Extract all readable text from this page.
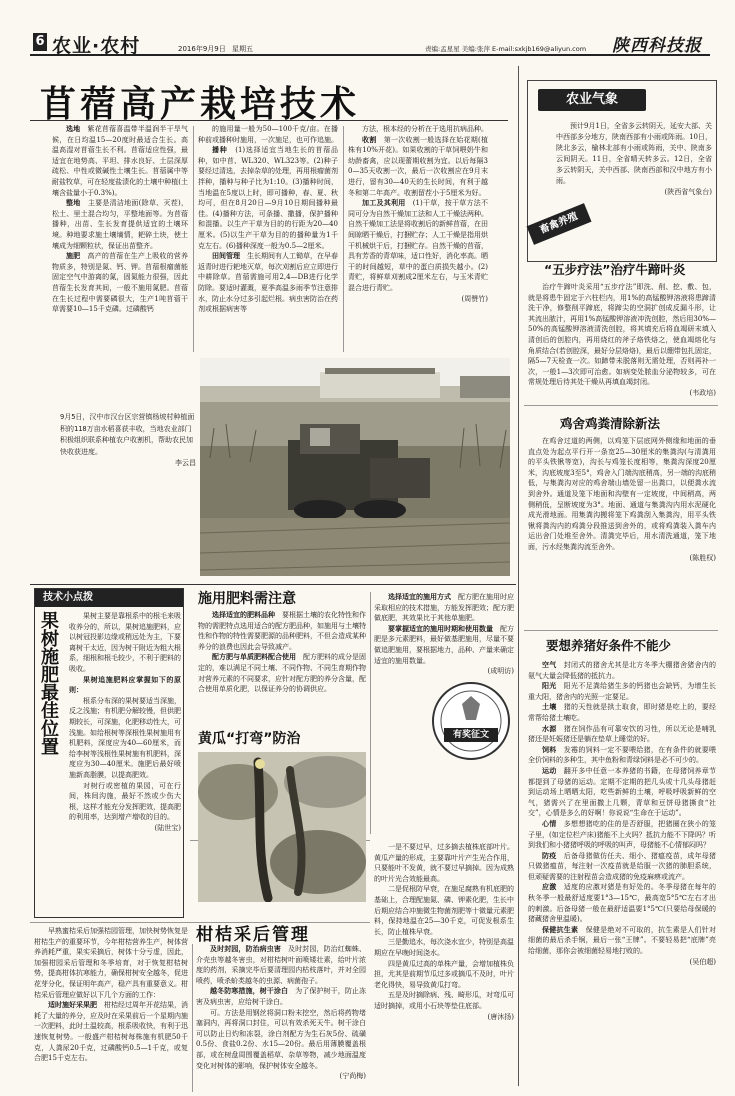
6 农业·农村	2016年9月9日 星期五	责编:孟星星 美编:张萍 E-mail:sxkjb169@aliyun.com 陕西科技报
苜蓿高产栽培技术

选地　紫花苜蓿喜温带半温润半干旱气候，在日均温15—20度时最适合生长。高温高湿对苜蓿生长不利。苜蓿适应性强，最适宜在地势高、平坦、排水良好、土层深厚疏松、中性或微碱性土壤生长。苜蓿属中等耐盐牧草，可在轻度盐渍化的土壤中种植(土壤含盐量小于0.3%)。

整地　主要是清洁地面(除草、灭茬)，松土、里土混合均匀，平整地面等。为苜蓿播种，出苗、生长发育提供适宜的土壤环境。种地要求施土壤墒情，耙碎土块，使土壤成为细颗粒状，保证出苗整齐。

施肥　高产的苜蓿在生产上吸收的营养物质多，特别是氮、钙、钾。苜蓿根瘤菌能固定空气中游离的氮，固氮能力很强，因此苜蓿生长发育其间，一般不施用氮肥。苜蓿在生长过程中需要磷很大，生产1吨苜蓿干草需要10—15千克磷。过磷酸钙

的施用量一般为50—100千克/亩。在播种前或播种时施用，一次施足，也可作追施。

播种　(1)选择适宜当地生长的苜蓿品种，如中苜、WL320、WL323等。(2)种子要经过清选，去掉杂草的处理，再用根瘤菌剂拌种，播种与种子比为1:10。(3)播种时间，当地温在5度以上时，即可播种，春、夏、秋均可，但在8月20日—9月10日期间播种最佳。(4)播种方法，可条播、撒播，保护播种和混播。以生产干草为目的的行距为20—40厘米。(5)以生产干草为目的的播种量为1千克左右。(6)播种深度一般为0.5—2厘米。

田间管理　生长期间有人工锄草，在早春返青时进行耙地灭草，每次刈割后应立即进行中耕除草。苜蓿需施可用2,4—DB进行化学防除。要适时灌溉，夏季高温多雨季节注意排水，防止水分过多引起烂根。病虫害防治在药剂或根据病害等

方法，根本经的分析在于选用抗病品种。

收割　第一次收割一般选择在始花期(植株有10%开花)。如果收割的干草饲喂奶牛和幼龄畜禽，应以现蕾期收割为宜。以后每隔30—35天收割一次，最后一次收割应在9月末进行，留有30—40天的生长时间，有利于越冬和第二年高产。收割留茬小于5厘米为好。

加工及其利用　(1)干草，按干草方法不同可分为自然干燥加工法和人工干燥法两种。自然干燥加工法是将收割后的新鲜苜蓿，在田间晾晒干燥后，打捆贮存；人工干燥是指用烘干机械烘干后，打捆贮存。自然干燥的苜蓿，具有芳香的青草味，适口性好，消化率高。晒干的时间越短，草中的蛋白质损失越小。(2)青贮，将鲜草刈割成2厘米左右，与玉米青贮混合进行青贮。

(周赞竹)

9月5日，汉中市汉台区宗营镇杨坡村种植面积的118万亩水稻喜获丰收，当地农业部门积极组织联系种植农户收割机，帮助农民加快收获进度。
李云昌
农业气象

预计9月1日，全省多云转阴天，延安大部、关中西部多分地方，陕南西部有小雨或阵雨。10日，陕北多云，榆林北部有小雨或阵雨，关中、陕南多云间阴天。11日，全省晴天转多云。12日，全省多云转阴天，关中西部、陕南西部和汉中地方有小雨。

(陕西省气象台)
畜禽养殖
“五步疗法”治疗牛蹄叶炎

治疗牛蹄叶炎采用“五步疗法”即洗、削、挖、敷、包，就是将患牛固定于六柱栏内，用1%的高锰酸钾溶液将患蹄清洗干净，修整削平蹄底，将蹄尖的空洞扩创成反漏斗形，让其流出脓汁，再用1%高锰酸钾溶液冲洗创腔，然后用30%—50%的高锰酸钾溶液清洗创腔，将其填充后将血竭研末填入清创后的创腔内，再用烧红的斧子烙铁烙之，使血竭熔化与角质结合(若创腔深，最好分层烙烙)，最后以绷带包扎固定，隔5—7天检查一次。如蹄带未脱落则无需处理，否则再补一次，一般1—3次即可治愈。如病变处脓血分泌物较多，可在常规处理后待其处干燥从再填血竭封闭。

(韦政培)
鸡舍鸡粪清除新法

在鸡舍过道的两侧，以鸡笼下层底网外侧缘和地面的垂直点处为起点平行开一条宽25—30厘米的集粪沟(与清粪用的平头铁锹等宽)，沟长与鸡笼长度相等，集粪沟深度20厘米，沟底坡度3至5°，鸡舍入门端沟底稍高，另一端的沟底稍低，与集粪沟对应的鸡舍端山墙处留一出粪口，以便粪水流到舍外。通道及笼下地面和沟壁有一定坡度，中间稍高，两侧稍低，呈断坡度为3°。地面、通道与集粪沟内用水泥硬化成光滑地面。用集粪沟搬将笼下鸡粪刮入集粪沟，用平头铁锹将粪沟内的鸡粪分段推送到舍外的，或将鸡粪装入粪车内运出舍门处堆至舍外。清粪完毕后，用水清洗通道，笼下地面，污水经集粪沟流至舍外。

(陈胜权)
要想养猪好条件不能少

空气　封闭式的猪舍尤其是北方冬季大棚猪舍猪舍内的氨气大量会降低猪的抵抗力。

阳光　阳光不足粪给猪生多的钙猪也会缺钙，为增生长重大阳，猪舍内的光照一定要足。

土壤　猪的天性就是拱土取食，即时猪是吃上的，要经常帮给猪土壤吃。

水源　猪在饲作品有可靠安饮的习性，所以无论是哺乳猪还是妊娠猪还是躺在垫草上睡觉的好。

饲料　发霉的饲料一定不要喂给猪，在有条件的就要喂全价饲料的多种生，其中鱼粉和青绿饲料是必不可少的。

运动　翻开多中任意一本养猪的书籍，在母猪饲养章节都提到了母猪的运动。定期不定期的把几头或十几头母猪赶到运动场上晒晒太阳，吃些新鲜的土壤，呼吸呼吸新鲜的空气，猪需兴了在里面撒上几颗，青草和豆饼母猪撕食“社交”，心情是多么的好啊！你说说“生命在于运动”。

心情　多想想猪吃的住的是否舒服，把猪圈在狭小的笼子里，(如定位栏产床)猪能不上火吗？抵抗力能不下降吗？听到我们和小猪猪呼吸的呼吸的叫声，母猪能不心情郁闷吗？

防疫　后备母猪做仿任夫、细小、猪瘟疫苗，成年母猪只做猪瘟苗，每注射一次疫苗就是给服一次猪的肺胆系统，但顽疑需要的注射程苗会造成猪的免疫麻痹或流产。

应激　适度的应激对猪是有好处的。冬季母猪在每年的秋冬季一般最舒适度要1°3—15℃，最高宽5°5℃左右才出的刺激。后备母猪一般在最舒适温要1°5℃(只要给母保暖的猪藏猪舍里温暖)。

保健抗生素　保健是绝对不可取的，抗生素是人们针对细菌的最后杀手锏，最后一张“王牌”。不要轻易把“底牌”亮给细菌，那你会被细菌轻易地打败的。

(吴伯超)
技术小点拨
果树施肥最佳位置	果树主要是靠根系中的根毛来吸收养分的，所以，果树追施肥料，应以树冠投影边缘或稍远处为主，下要离树干太近，因为树干附近为粗大根系，细根和根毛较少，不利于肥料的吸收。

果树追施肥料应掌握如下的原则：

根系分布深的果树要适当深施，反之浅施；有机肥分解较慢，但供肥期较长，可深施，化肥移动性大，可浅施。如给根树等深根性果树施用有机肥料，深度应为40—60厘米，而给李树等浅根性果树施有机肥料，深度应为30—40厘米。施肥后最好喷施新高脂膜，以提高肥效。

对树行或密植的果园，可在行间，株间沟施，最好不然或少伤大根，这样才能充分发挥肥效，提高肥的利用率，达到增产增收的目的。

(陆世宝)
施用肥料需注意

选择适宜的肥料品种　要根据土壤的农化特性和作物的需肥特点选用适合的配方肥品种，如施用与土壤特性和作物的特性需要肥源的品种肥料，不但会造成某种养分的浪费也因此会导致减产。

配方肥与单质肥料配合使用　配方肥料的成分是固定的，难以满足不同土壤、不同作物、不同生育期作物对营养元素的不同要求，应针对配方肥的养分含量，配合使用单质化肥，以保证养分的协调供应。

选择适宜的施用方式　配方肥在施用时应采取相应的技术措施，方能发挥肥效；配方肥做底肥，其效果比于其他单施肥。

要掌握适宜的施用时期和使用数量　配方肥是多元素肥料，最好做基肥施用，尽量不要做追肥施用，要根据地力，品种、产量来确定适宜的施用数量。

(成明访)
有奖征文
黄瓜“打弯”防治

一是不要过早，过多摘去植株底部叶片。黄瓜产量的形成，主要靠叶片产生光合作用，只要能叶不发黄，就不要过早摘掉。因为成熟的叶片光合效能最高。

二是促根防早衰，在施足腐熟有机底肥的基础上，合理配施氮、磷、钾素化肥，生长中后期应结合冲施微生物菌剂肥等十微量元素肥料，保持地温在25—30千克，可促发根系生长，防止植株早衰。

三是勤追水，每次浇水宜少，特别是高温期应在早晚时间浇水。

四是黄瓜过高的单株产量，会增加植株负担，尤其是前期节瓜过多或摘瓜不及时，叶片老化得快，易导致黄瓜打弯。

五是及时摘除病、残、畸形瓜，对弯瓜可适时摘掉，或用小石块等垫住底部。

(唐沐扬)
柑桔采后管理

早熟蜜桔采后加强桔园管理，加快树势恢复是柑桔生产的重要环节，今年柑桔营养生产，树体营养消耗严重，果实采摘后，树体十分亏虚，因此，加强柑园采后管理和冬季培育，对于恢复柑桔树势，提高柑体抗寒能力，确保柑树安全越冬，促进花芽分化，保证明年高产，稳产具有重要意义。柑桔采后管理应做好以下几个方面的工作：

适时施好采果肥　柑桔经过周年开花结果，消耗了大量的养分，应及时在采果前后一个星期内施一次肥料，此时土温较高，根系吸收快，有利于迅速恢复树势。一般盛产柑桔树每株施有机肥50千克，人粪尿20千克，过磷酸钙0.5—1千克，或复合肥15千克左右。

及时封园，防治病虫害　及时封园，防治红蜘蛛、介壳虫等越冬害虫，对柑桔树叶面喷矮壮素，给叶片浓度的药剂，采摘完毕后要清理园内枯枝落叶，并对全园喷药，喷杀蚧类越冬的虫源、病菌孢子。

越冬防寒措施，树干涂白　为了保护树干，防止冻害及病虫害，应给树干涂白。

可。方法是用钢丝将洞口粉末挖空，然后将药物堵塞洞内，再将洞口封住，可以有效杀死天牛。树干涂白可以防止日灼和冻裂，涂白剂配方为生石灰5份、硫磺0.5份、食盐0.2份、水15—20份。最后用薄膜覆盖根部，或在树盘周围覆盖稻草、杂草等物，减少地面温度变化对树体的影响，保护树体安全越冬。

(宁尚梅)
